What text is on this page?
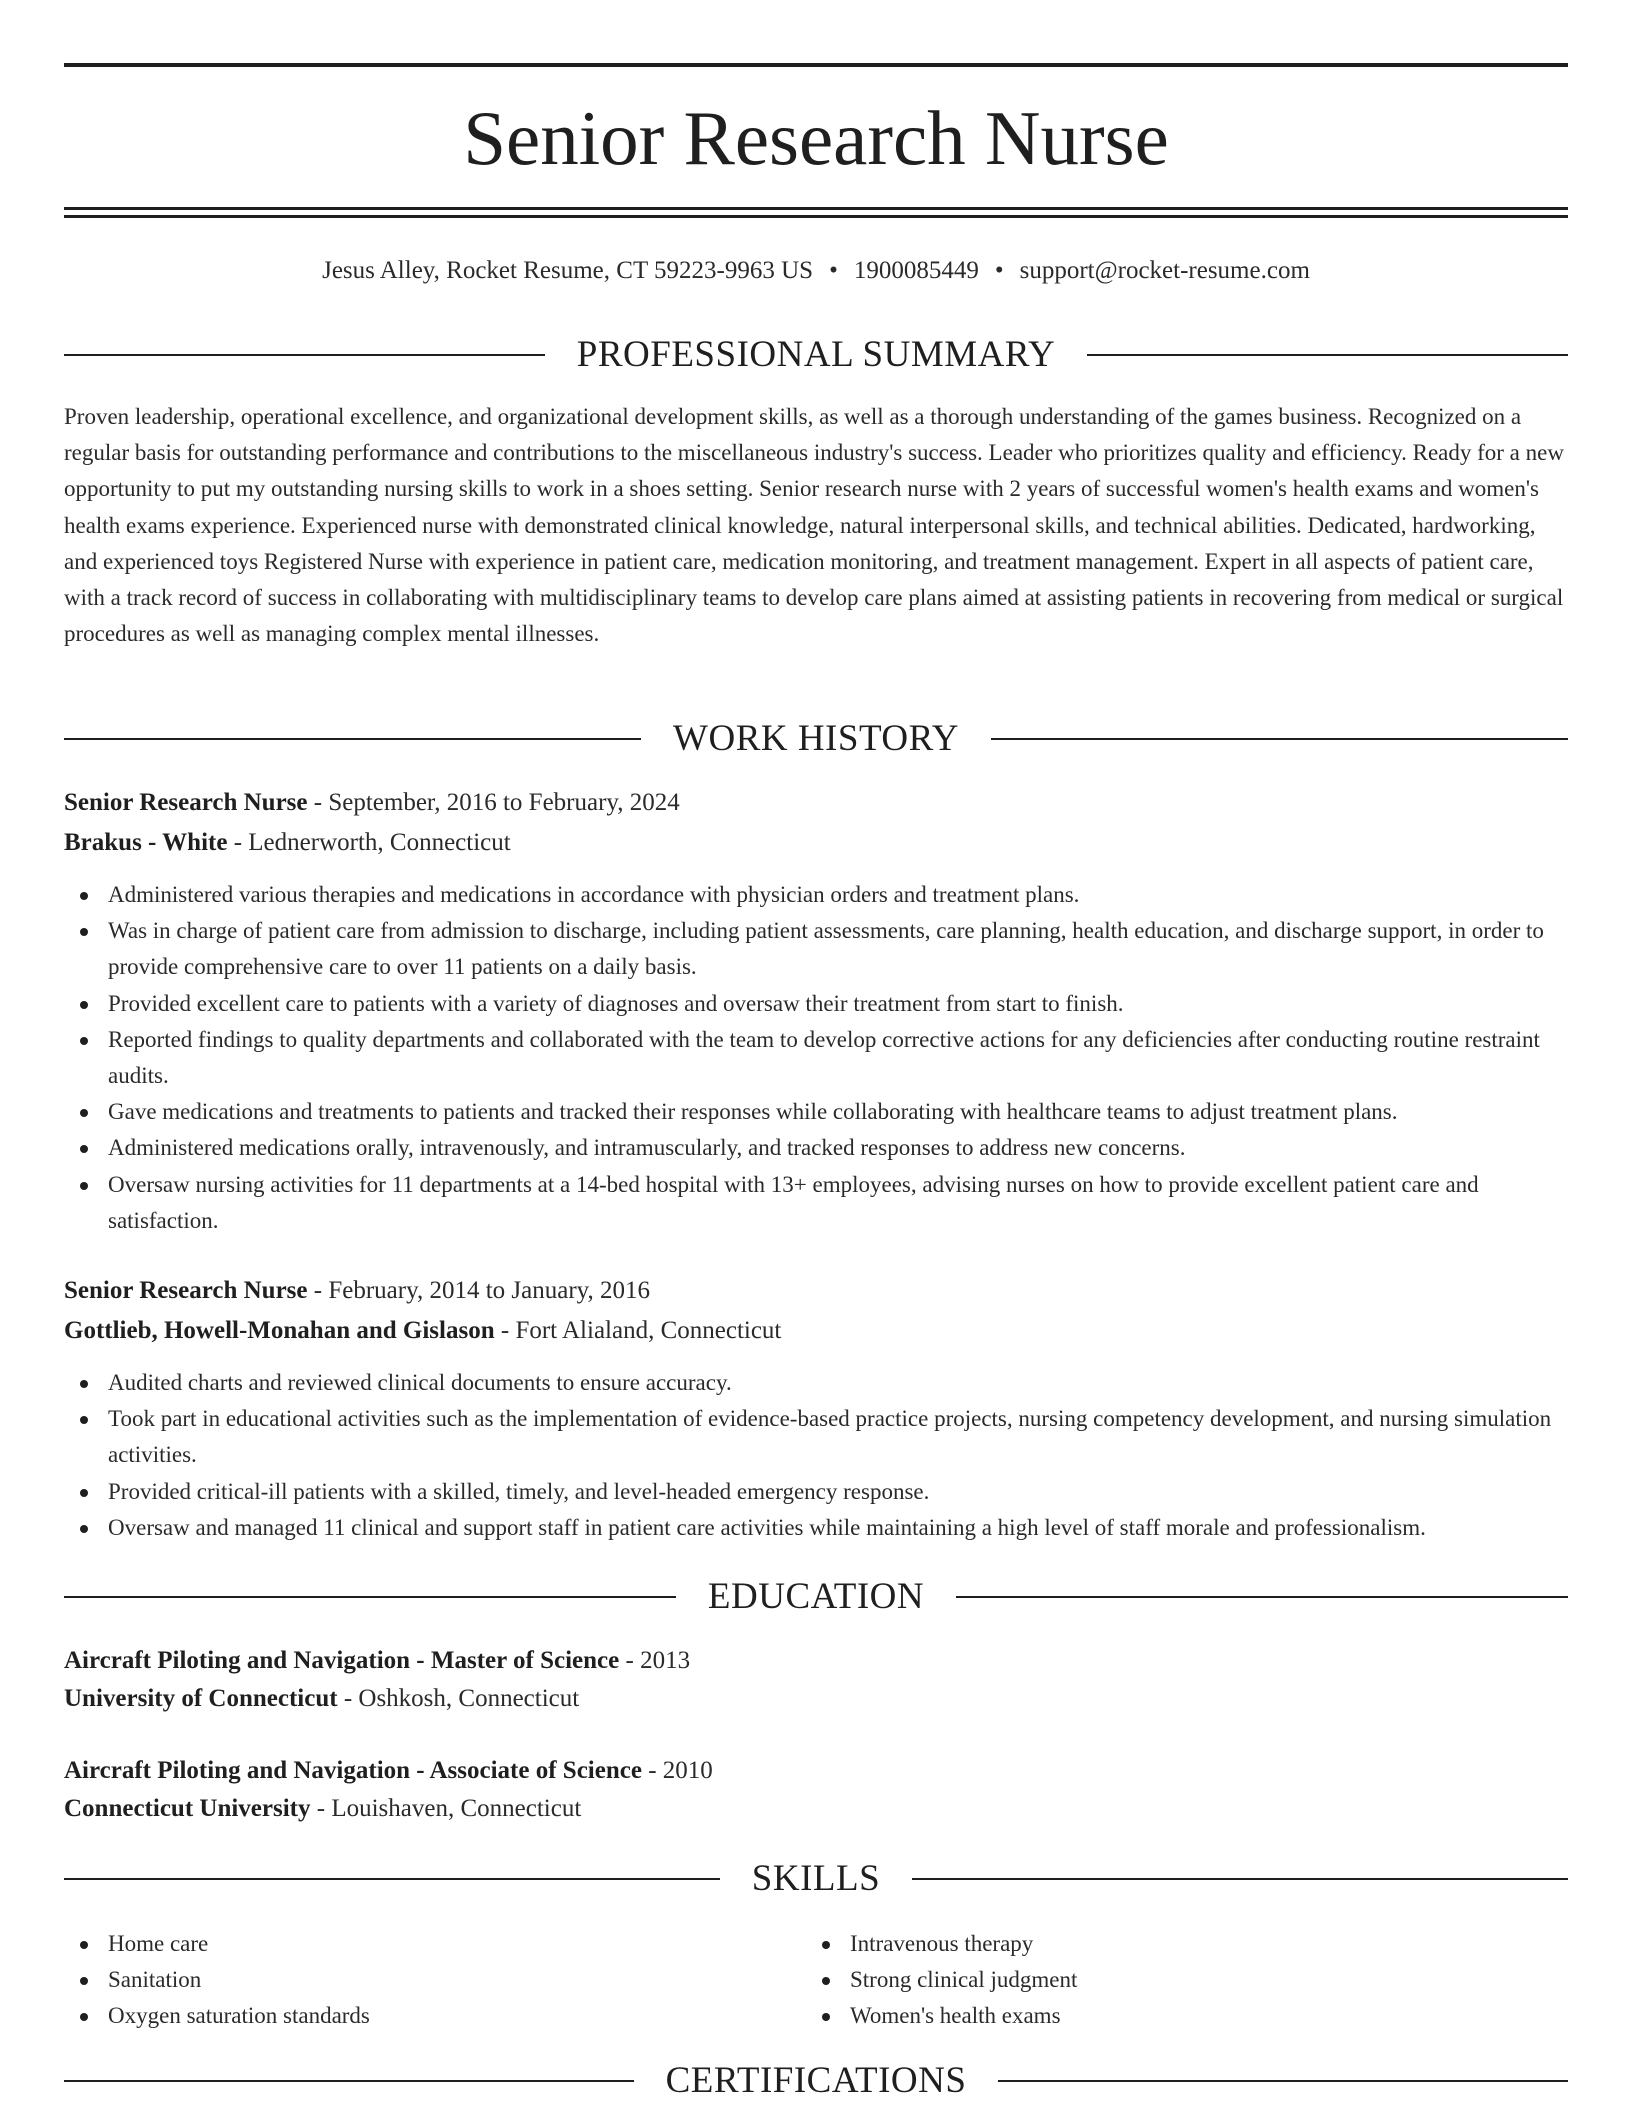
Senior Research Nurse
Jesus Alley, Rocket Resume, CT 59223-9963 US • 1900085449 • support@rocket-resume.com
PROFESSIONAL SUMMARY

Proven leadership, operational excellence, and organizational development skills, as well as a thorough understanding of the games business. Recognized on a regular basis for outstanding performance and contributions to the miscellaneous industry's success. Leader who prioritizes quality and efficiency. Ready for a new opportunity to put my outstanding nursing skills to work in a shoes setting. Senior research nurse with 2 years of successful women's health exams and women's health exams experience. Experienced nurse with demonstrated clinical knowledge, natural interpersonal skills, and technical abilities. Dedicated, hardworking, and experienced toys Registered Nurse with experience in patient care, medication monitoring, and treatment management. Expert in all aspects of patient care, with a track record of success in collaborating with multidisciplinary teams to develop care plans aimed at assisting patients in recovering from medical or surgical procedures as well as managing complex mental illnesses.

WORK HISTORY
Senior Research Nurse - September, 2016 to February, 2024
Brakus - White - Lednerworth, Connecticut
Administered various therapies and medications in accordance with physician orders and treatment plans.
Was in charge of patient care from admission to discharge, including patient assessments, care planning, health education, and discharge support, in order to provide comprehensive care to over 11 patients on a daily basis.
Provided excellent care to patients with a variety of diagnoses and oversaw their treatment from start to finish.
Reported findings to quality departments and collaborated with the team to develop corrective actions for any deficiencies after conducting routine restraint audits.
Gave medications and treatments to patients and tracked their responses while collaborating with healthcare teams to adjust treatment plans.
Administered medications orally, intravenously, and intramuscularly, and tracked responses to address new concerns.
Oversaw nursing activities for 11 departments at a 14-bed hospital with 13+ employees, advising nurses on how to provide excellent patient care and satisfaction.
Senior Research Nurse - February, 2014 to January, 2016
Gottlieb, Howell-Monahan and Gislason - Fort Alialand, Connecticut
Audited charts and reviewed clinical documents to ensure accuracy.
Took part in educational activities such as the implementation of evidence-based practice projects, nursing competency development, and nursing simulation activities.
Provided critical-ill patients with a skilled, timely, and level-headed emergency response.
Oversaw and managed 11 clinical and support staff in patient care activities while maintaining a high level of staff morale and professionalism.
EDUCATION
Aircraft Piloting and Navigation - Master of Science - 2013
University of Connecticut - Oshkosh, Connecticut
Aircraft Piloting and Navigation - Associate of Science - 2010
Connecticut University - Louishaven, Connecticut
SKILLS
Home care
Sanitation
Oxygen saturation standards
Intravenous therapy
Strong clinical judgment
Women's health exams
CERTIFICATIONS
